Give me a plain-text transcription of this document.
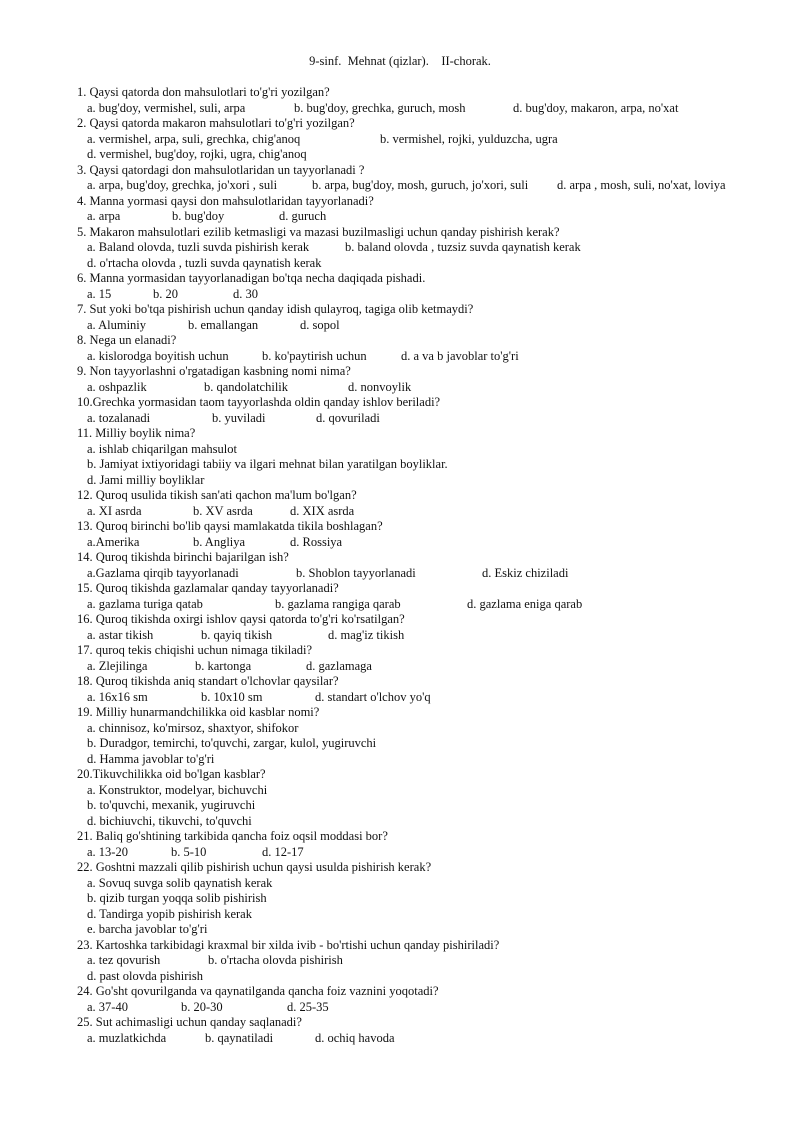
9-sinf.  Mehnat (qizlar).    II-chorak.
1. Qaysi qatorda don mahsulotlari to'g'ri yozilgan?
a. bug'doy, vermishel, suli, arpa	b. bug'doy, grechka, guruch, mosh	d. bug'doy, makaron, arpa, no'xat
2. Qaysi qatorda makaron mahsulotlari to'g'ri yozilgan?
a. vermishel, arpa, suli, grechka, chig'anoq	b. vermishel, rojki, yulduzcha, ugra
d. vermishel, bug'doy, rojki, ugra, chig'anoq
3. Qaysi qatordagi don mahsulotlaridan un tayyorlanadi ?
a. arpa, bug'doy, grechka, jo'xori , suli	b. arpa, bug'doy, mosh, guruch, jo'xori, suli d. arpa , mosh, suli, no'xat, loviya
4. Manna yormasi qaysi don mahsulotlaridan tayyorlanadi?
a. arpa	b. bug'doy	d. guruch
5. Makaron mahsulotlari ezilib ketmasligi va mazasi buzilmasligi uchun qanday pishirish kerak?
a. Baland olovda, tuzli suvda pishirish kerak	b. baland olovda , tuzsiz suvda qaynatish kerak
d. o'rtacha olovda , tuzli suvda qaynatish kerak
6. Manna yormasidan tayyorlanadigan bo'tqa necha daqiqada pishadi.
a. 15	b. 20	d. 30
7. Sut yoki bo'tqa pishirish uchun qanday idish qulayroq, tagiga olib ketmaydi?
a. Aluminiy	b. emallangan	d. sopol
8. Nega un elanadi?
a. kislorodga boyitish uchun	b. ko'paytirish uchun	d. a va b javoblar to'g'ri
9. Non tayyorlashni o'rgatadigan kasbning nomi nima?
a. oshpazlik	b. qandolatchilik	d. nonvoylik
10.Grechka yormasidan taom tayyorlashda oldin qanday ishlov beriladi?
a. tozalanadi	b. yuviladi	d. qovuriladi
11. Milliy boylik nima?
a. ishlab chiqarilgan mahsulot
b. Jamiyat ixtiyoridagi tabiiy va ilgari mehnat bilan yaratilgan boyliklar.
d. Jami milliy boyliklar
12. Quroq usulida tikish san'ati qachon ma'lum bo'lgan?
a. XI asrda	b. XV asrda	d. XIX asrda
13. Quroq birinchi bo'lib qaysi mamlakatda tikila boshlagan?
a.Amerika	b. Angliya	d. Rossiya
14. Quroq tikishda birinchi bajarilgan ish?
a.Gazlama qirqib tayyorlanadi	b. Shoblon tayyorlanadi	d. Eskiz chiziladi
15. Quroq tikishda gazlamalar qanday tayyorlanadi?
a. gazlama turiga qatab	b. gazlama rangiga qarab	d. gazlama eniga qarab
16. Quroq tikishda oxirgi ishlov qaysi qatorda to'g'ri ko'rsatilgan?
a. astar tikish	b. qayiq tikish	d. mag'iz tikish
17. quroq tekis chiqishi uchun nimaga tikiladi?
a. Zlejilinga	b. kartonga	d. gazlamaga
18. Quroq tikishda aniq standart o'lchovlar qaysilar?
a. 16x16 sm	b. 10x10 sm	d. standart o'lchov yo'q
19. Milliy hunarmandchilikka oid kasblar nomi?
a. chinnisoz, ko'mirsoz, shaxtyor, shifokor
b. Duradgor, temirchi, to'quvchi, zargar, kulol, yugiruvchi
d. Hamma javoblar to'g'ri
20.Tikuvchilikka oid bo'lgan kasblar?
a. Konstruktor, modelyar, bichuvchi
b. to'quvchi, mexanik, yugiruvchi
d. bichiuvchi, tikuvchi, to'quvchi
21. Baliq go'shtining tarkibida qancha foiz oqsil moddasi bor?
a. 13-20	b. 5-10	d. 12-17
22. Goshtni mazzali qilib pishirish uchun qaysi usulda pishirish kerak?
a. Sovuq suvga solib qaynatish kerak
b. qizib turgan yoqqa solib pishirish
d. Tandirga yopib pishirish kerak
e. barcha javoblar to'g'ri
23. Kartoshka tarkibidagi kraxmal bir xilda ivib - bo'rtishi uchun qanday pishiriladi?
a. tez qovurish	b. o'rtacha olovda pishirish
d. past olovda pishirish
24. Go'sht qovurilganda va qaynatilganda qancha foiz vaznini yoqotadi?
a. 37-40	b. 20-30	d. 25-35
25. Sut achimasligi uchun qanday saqlanadi?
a. muzlatkichda	b. qaynatiladi	d. ochiq havoda
